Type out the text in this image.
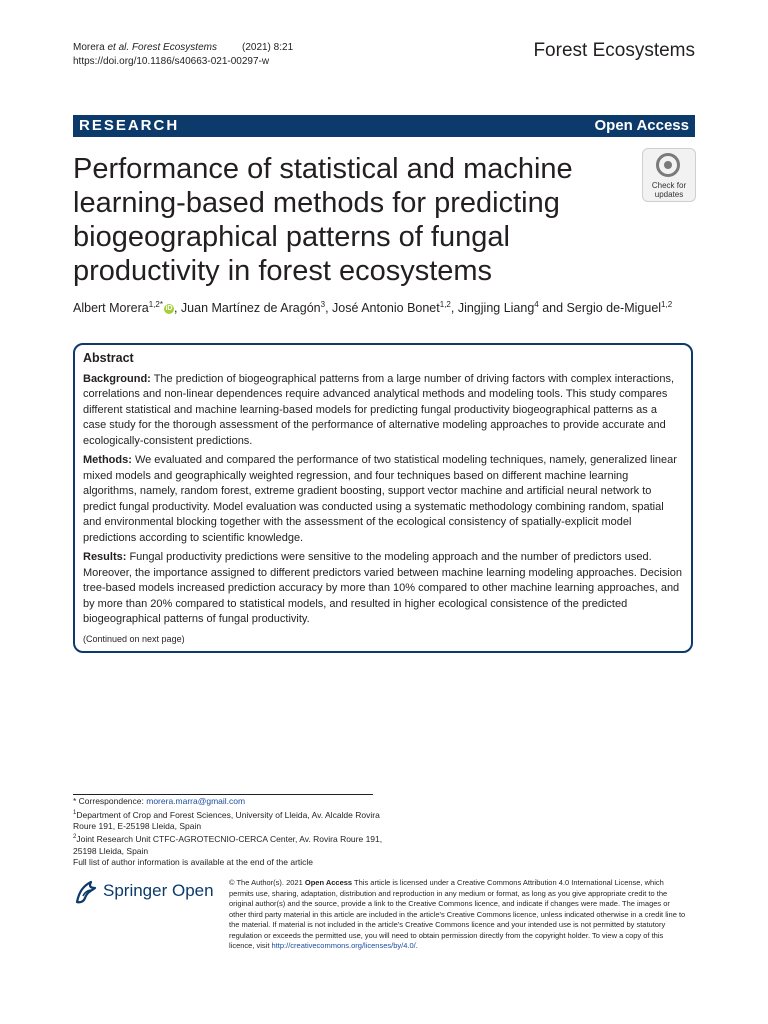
Morera et al. Forest Ecosystems	(2021) 8:21
https://doi.org/10.1186/s40663-021-00297-w
Forest Ecosystems
RESEARCH	Open Access
Performance of statistical and machine learning-based methods for predicting biogeographical patterns of fungal productivity in forest ecosystems
Check for
updates
Albert Morera$^{1,2*}$ iD , Juan Martínez de Aragón$^3$, José Antonio Bonet$^{1,2}$, Jingjing Liang$^4$ and Sergio de-Miguel$^{1,2}$
Abstract

Background: The prediction of biogeographical patterns from a large number of driving factors with complex interactions, correlations and non-linear dependences require advanced analytical methods and modeling tools. This study compares different statistical and machine learning-based models for predicting fungal productivity biogeographical patterns as a case study for the thorough assessment of the performance of alternative modeling approaches to provide accurate and ecologically-consistent predictions.

Methods: We evaluated and compared the performance of two statistical modeling techniques, namely, generalized linear mixed models and geographically weighted regression, and four techniques based on different machine learning algorithms, namely, random forest, extreme gradient boosting, support vector machine and artificial neural network to predict fungal productivity. Model evaluation was conducted using a systematic methodology combining random, spatial and environmental blocking together with the assessment of the ecological consistency of spatially-explicit model predictions according to scientific knowledge.

Results: Fungal productivity predictions were sensitive to the modeling approach and the number of predictors used. Moreover, the importance assigned to different predictors varied between machine learning modeling approaches. Decision tree-based models increased prediction accuracy by more than 10% compared to other machine learning approaches, and by more than 20% compared to statistical models, and resulted in higher ecological consistence of the predicted biogeographical patterns of fungal productivity.

(Continued on next page)
* Correspondence: morera.marra@gmail.com
$^1$Department of Crop and Forest Sciences, University of Lleida, Av. Alcalde Rovira Roure 191, E-25198 Lleida, Spain
$^2$Joint Research Unit CTFC-AGROTECNIO-CERCA Center, Av. Rovira Roure 191, 25198 Lleida, Spain
Full list of author information is available at the end of the article
Springer Open © The Author(s). 2021 Open Access This article is licensed under a Creative Commons Attribution 4.0 International License, which permits use, sharing, adaptation, distribution and reproduction in any medium or format, as long as you give appropriate credit to the original author(s) and the source, provide a link to the Creative Commons licence, and indicate if changes were made. The images or other third party material in this article are included in the article's Creative Commons licence, unless indicated otherwise in a credit line to the material. If material is not included in the article's Creative Commons licence and your intended use is not permitted by statutory regulation or exceeds the permitted use, you will need to obtain permission directly from the copyright holder. To view a copy of this licence, visit http://creativecommons.org/licenses/by/4.0/.
